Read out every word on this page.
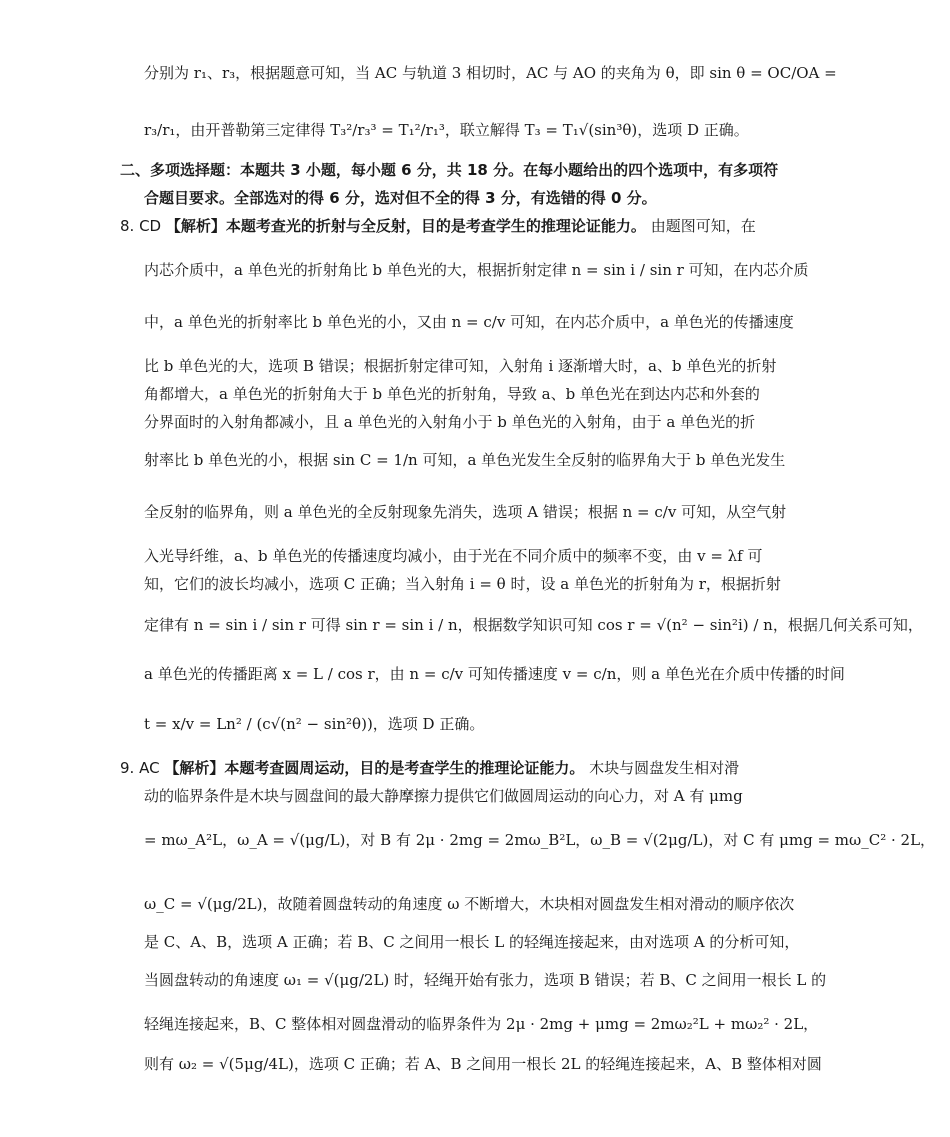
分别为 r₁、r₃，根据题意可知，当 AC 与轨道 3 相切时，AC 与 AO 的夹角为 θ，即 sin θ = OC/OA =
r₃/r₁，由开普勒第三定律得 T₃²/r₃³ = T₁²/r₁³，联立解得 T₃ = T₁√(sin³θ)，选项 D 正确。
二、多项选择题：本题共 3 小题，每小题 6 分，共 18 分。在每小题给出的四个选项中，有多项符
合题目要求。全部选对的得 6 分，选对但不全的得 3 分，有选错的得 0 分。
8. CD 【解析】本题考查光的折射与全反射，目的是考查学生的推理论证能力。 由题图可知，在
内芯介质中，a 单色光的折射角比 b 单色光的大，根据折射定律 n = sin i / sin r 可知，在内芯介质
中，a 单色光的折射率比 b 单色光的小，又由 n = c/v 可知，在内芯介质中，a 单色光的传播速度
比 b 单色光的大，选项 B 错误；根据折射定律可知，入射角 i 逐渐增大时，a、b 单色光的折射
角都增大，a 单色光的折射角大于 b 单色光的折射角，导致 a、b 单色光在到达内芯和外套的
分界面时的入射角都减小，且 a 单色光的入射角小于 b 单色光的入射角，由于 a 单色光的折
射率比 b 单色光的小，根据 sin C = 1/n 可知，a 单色光发生全反射的临界角大于 b 单色光发生
全反射的临界角，则 a 单色光的全反射现象先消失，选项 A 错误；根据 n = c/v 可知，从空气射
入光导纤维，a、b 单色光的传播速度均减小，由于光在不同介质中的频率不变，由 v = λf 可
知，它们的波长均减小，选项 C 正确；当入射角 i = θ 时，设 a 单色光的折射角为 r，根据折射
定律有 n = sin i / sin r 可得 sin r = sin i / n，根据数学知识可知 cos r = √(n² − sin²i) / n，根据几何关系可知，
a 单色光的传播距离 x = L / cos r，由 n = c/v 可知传播速度 v = c/n，则 a 单色光在介质中传播的时间
t = x/v = Ln² / (c√(n² − sin²θ))，选项 D 正确。
9. AC 【解析】本题考查圆周运动，目的是考查学生的推理论证能力。 木块与圆盘发生相对滑
动的临界条件是木块与圆盘间的最大静摩擦力提供它们做圆周运动的向心力，对 A 有 μmg
= mω_A²L，ω_A = √(μg/L)，对 B 有 2μ · 2mg = 2mω_B²L，ω_B = √(2μg/L)，对 C 有 μmg = mω_C² · 2L，
ω_C = √(μg/2L)，故随着圆盘转动的角速度 ω 不断增大，木块相对圆盘发生相对滑动的顺序依次
是 C、A、B，选项 A 正确；若 B、C 之间用一根长 L 的轻绳连接起来，由对选项 A 的分析可知，
当圆盘转动的角速度 ω₁ = √(μg/2L) 时，轻绳开始有张力，选项 B 错误；若 B、C 之间用一根长 L 的
轻绳连接起来，B、C 整体相对圆盘滑动的临界条件为 2μ · 2mg + μmg = 2mω₂²L + mω₂² · 2L，
则有 ω₂ = √(5μg/4L)，选项 C 正确；若 A、B 之间用一根长 2L 的轻绳连接起来，A、B 整体相对圆
